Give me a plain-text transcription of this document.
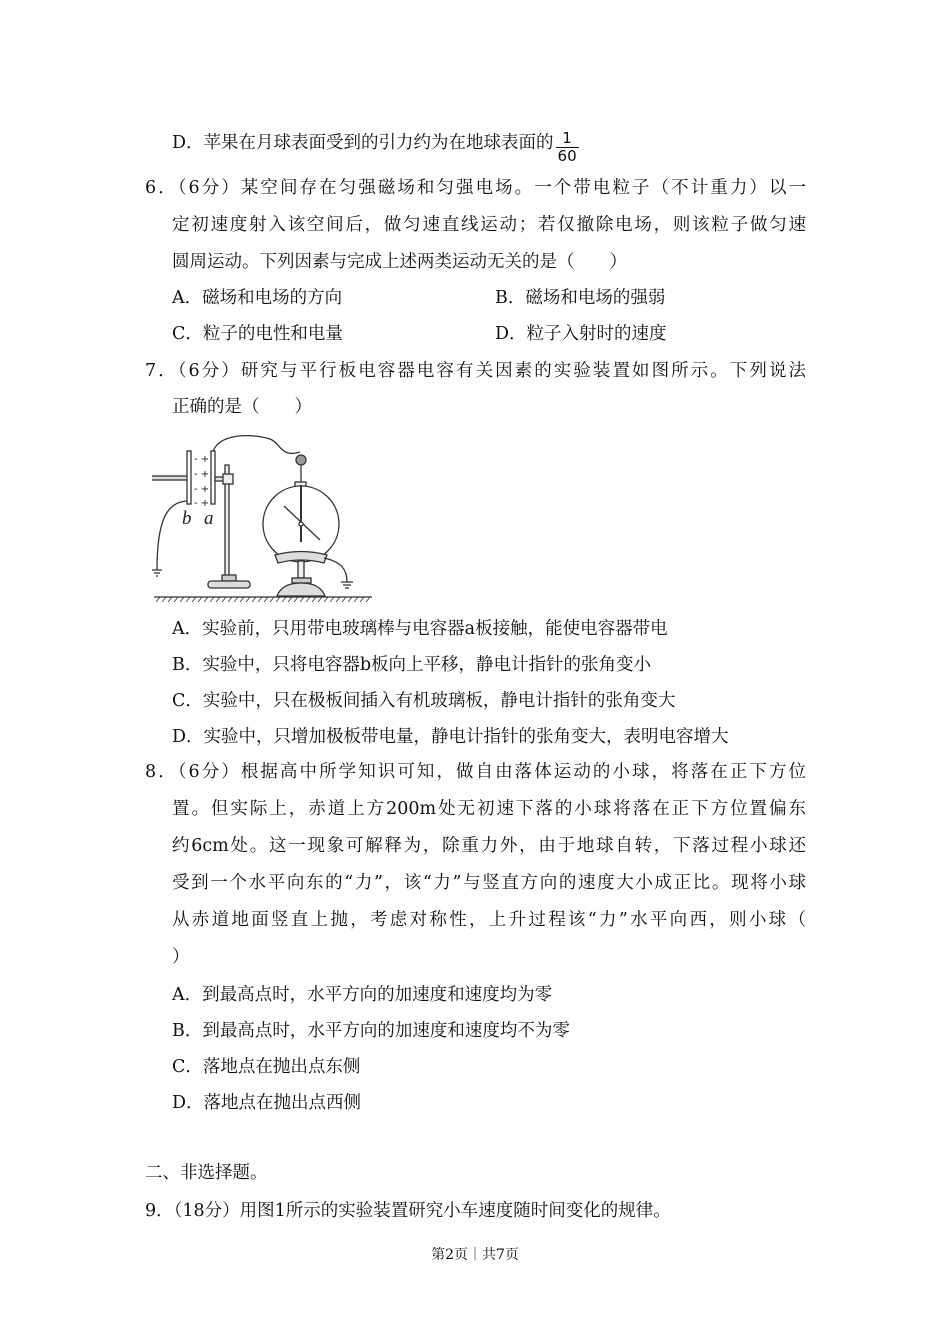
D．苹果在月球表面受到的引力约为在地球表面的 $\frac{1}{60}$
6．（6分）某空间存在匀强磁场和匀强电场。一个带电粒子（不计重力）以一
定初速度射入该空间后，做匀速直线运动；若仅撤除电场，则该粒子做匀速
圆周运动。下列因素与完成上述两类运动无关的是（　　）
A．磁场和电场的方向	B．磁场和电场的强弱
C．粒子的电性和电量	D．粒子入射时的速度
7．（6分）研究与平行板电容器电容有关因素的实验装置如图所示。下列说法
正确的是（　　）
- +
- +
- +
- +
b a
A．实验前，只用带电玻璃棒与电容器a板接触，能使电容器带电
B．实验中，只将电容器b板向上平移，静电计指针的张角变小
C．实验中，只在极板间插入有机玻璃板，静电计指针的张角变大
D．实验中，只增加极板带电量，静电计指针的张角变大，表明电容增大
8．（6分）根据高中所学知识可知，做自由落体运动的小球，将落在正下方位
置。但实际上，赤道上方200m处无初速下落的小球将落在正下方位置偏东
约6cm处。这一现象可解释为，除重力外，由于地球自转，下落过程小球还
受到一个水平向东的“力”，该“力”与竖直方向的速度大小成正比。现将小球
从赤道地面竖直上抛，考虑对称性，上升过程该“力”水平向西，则小球（
）
A．到最高点时，水平方向的加速度和速度均为零
B．到最高点时，水平方向的加速度和速度均不为零
C．落地点在抛出点东侧
D．落地点在抛出点西侧
二、非选择题。
9．（18分）用图1所示的实验装置研究小车速度随时间变化的规律。
第2页｜共7页
